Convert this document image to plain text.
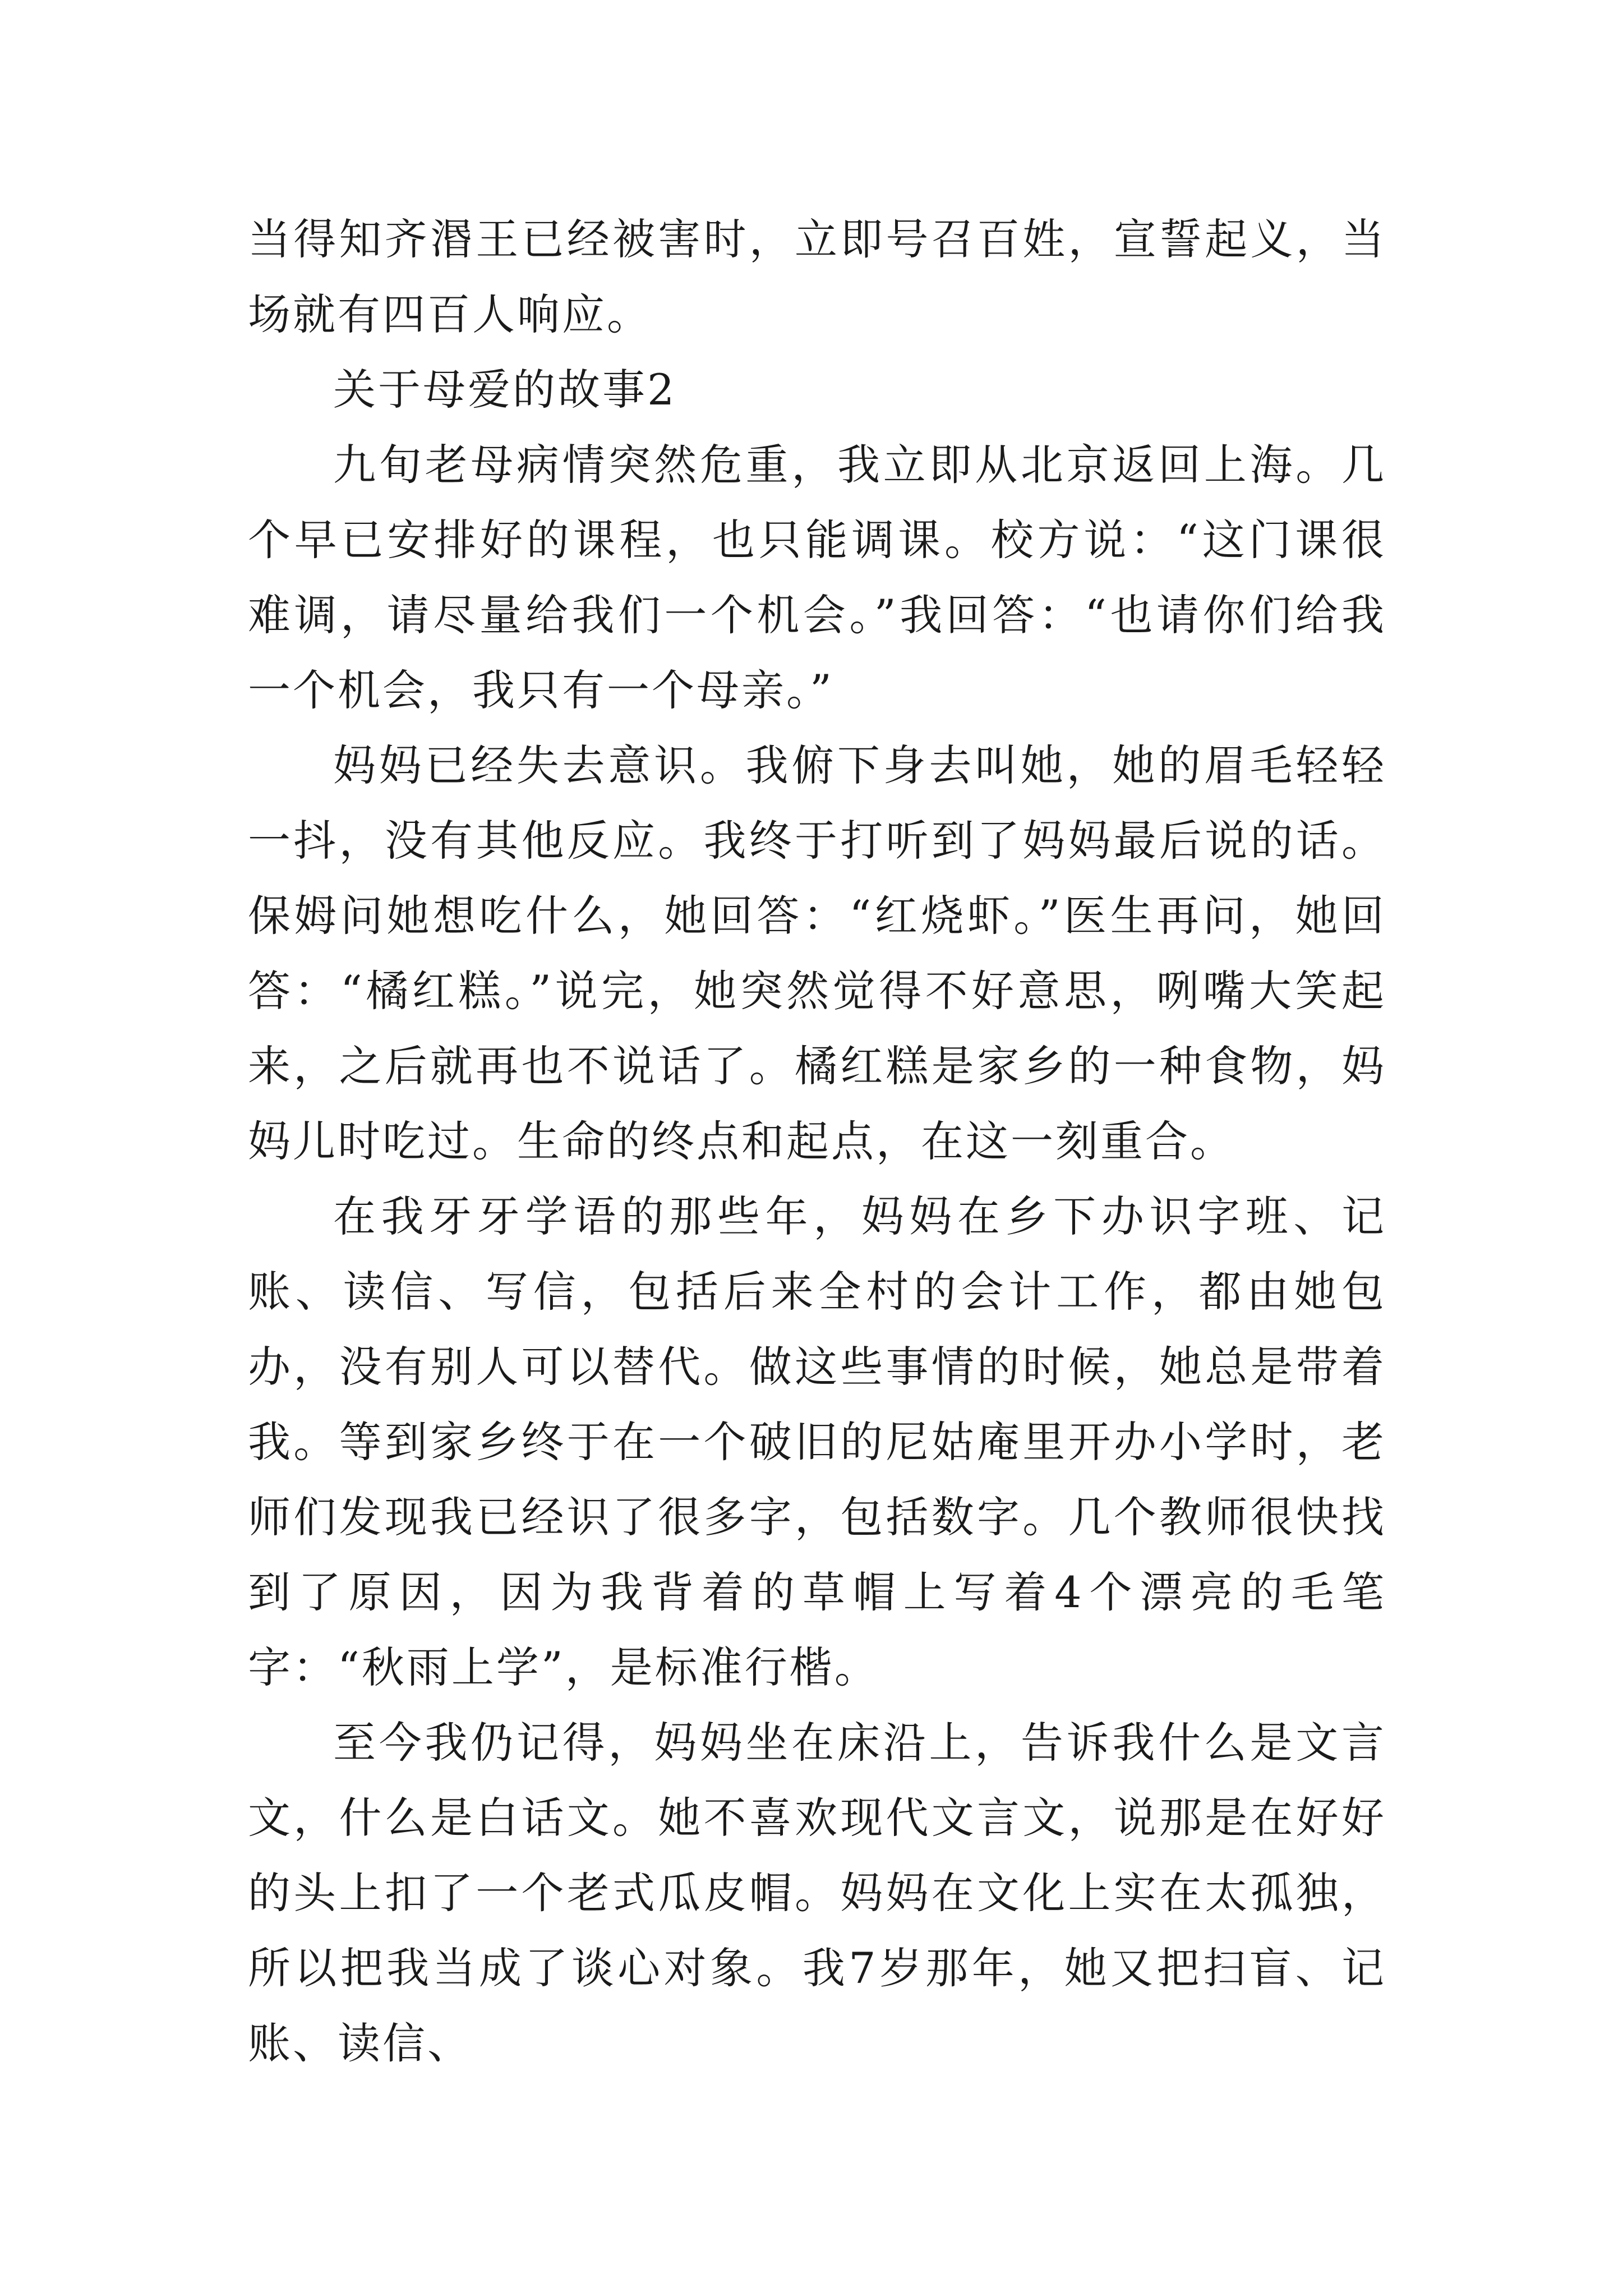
当得知齐湣王已经被害时，立即号召百姓，宣誓起义，当场就有四百人响应。

关于母爱的故事2

九旬老母病情突然危重，我立即从北京返回上海。几个早已安排好的课程，也只能调课。校方说：“这门课很难调，请尽量给我们一个机会。”我回答：“也请你们给我一个机会，我只有一个母亲。”

妈妈已经失去意识。我俯下身去叫她，她的眉毛轻轻一抖，没有其他反应。我终于打听到了妈妈最后说的话。保姆问她想吃什么，她回答：“红烧虾。”医生再问，她回答：“橘红糕。”说完，她突然觉得不好意思，咧嘴大笑起来，之后就再也不说话了。橘红糕是家乡的一种食物，妈妈儿时吃过。生命的终点和起点，在这一刻重合。

在我牙牙学语的那些年，妈妈在乡下办识字班、记账、读信、写信，包括后来全村的会计工作，都由她包办，没有别人可以替代。做这些事情的时候，她总是带着我。等到家乡终于在一个破旧的尼姑庵里开办小学时，老师们发现我已经识了很多字，包括数字。几个教师很快找到了原因，因为我背着的草帽上写着4个漂亮的毛笔字：“秋雨上学”，是标准行楷。

至今我仍记得，妈妈坐在床沿上，告诉我什么是文言文，什么是白话文。她不喜欢现代文言文，说那是在好好的头上扣了一个老式瓜皮帽。妈妈在文化上实在太孤独，所以把我当成了谈心对象。我7岁那年，她又把扫盲、记账、读信、
